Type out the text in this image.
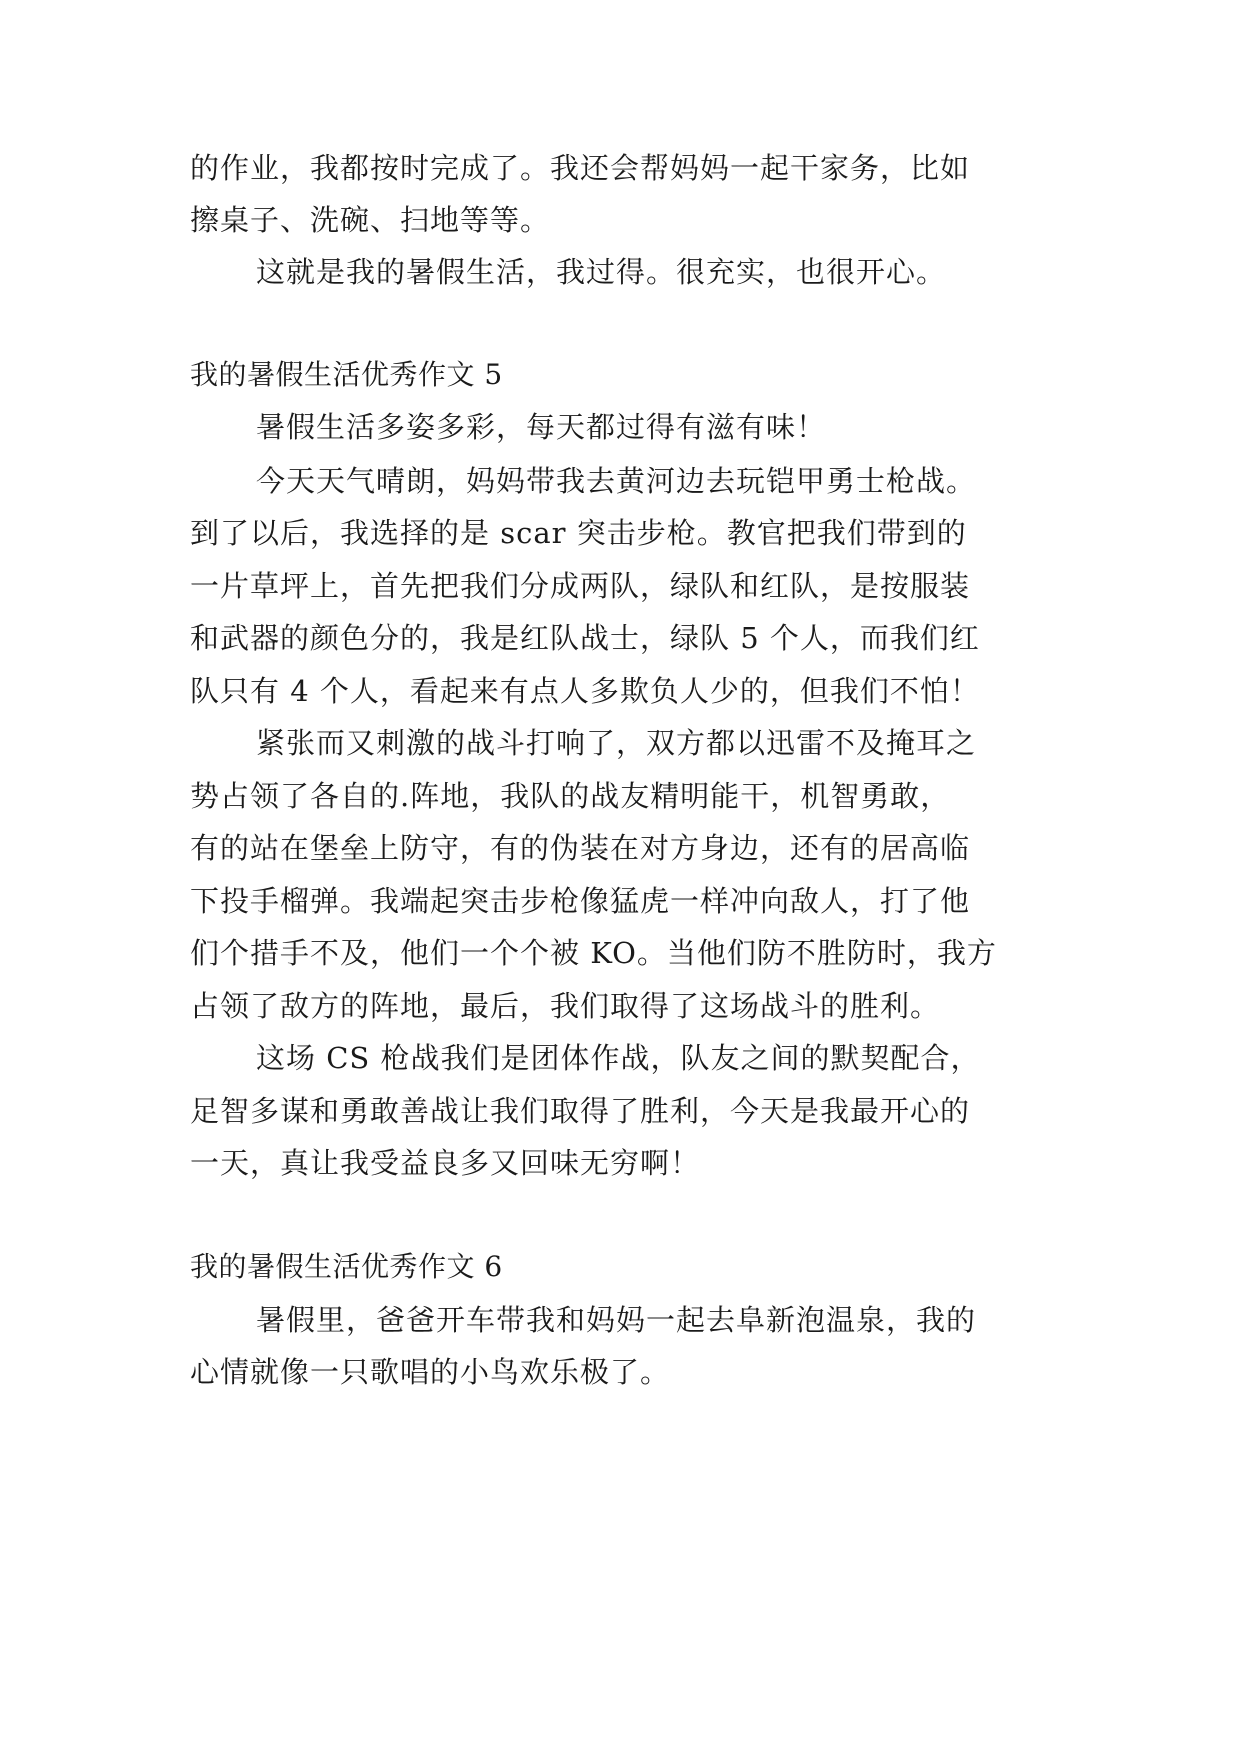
的作业，我都按时完成了。我还会帮妈妈一起干家务，比如
擦桌子、洗碗、扫地等等。
这就是我的暑假生活，我过得。很充实，也很开心。
我的暑假生活优秀作文 5
暑假生活多姿多彩，每天都过得有滋有味！
今天天气晴朗，妈妈带我去黄河边去玩铠甲勇士枪战。
到了以后，我选择的是 scar 突击步枪。教官把我们带到的
一片草坪上，首先把我们分成两队，绿队和红队，是按服装
和武器的颜色分的，我是红队战士，绿队 5 个人，而我们红
队只有 4 个人，看起来有点人多欺负人少的，但我们不怕！
紧张而又刺激的战斗打响了，双方都以迅雷不及掩耳之
势占领了各自的.阵地，我队的战友精明能干，机智勇敢，
有的站在堡垒上防守，有的伪装在对方身边，还有的居高临
下投手榴弹。我端起突击步枪像猛虎一样冲向敌人，打了他
们个措手不及，他们一个个被 KO。当他们防不胜防时，我方
占领了敌方的阵地，最后，我们取得了这场战斗的胜利。
这场 CS 枪战我们是团体作战，队友之间的默契配合，
足智多谋和勇敢善战让我们取得了胜利，今天是我最开心的
一天，真让我受益良多又回味无穷啊！
我的暑假生活优秀作文 6
暑假里，爸爸开车带我和妈妈一起去阜新泡温泉，我的
心情就像一只歌唱的小鸟欢乐极了。
